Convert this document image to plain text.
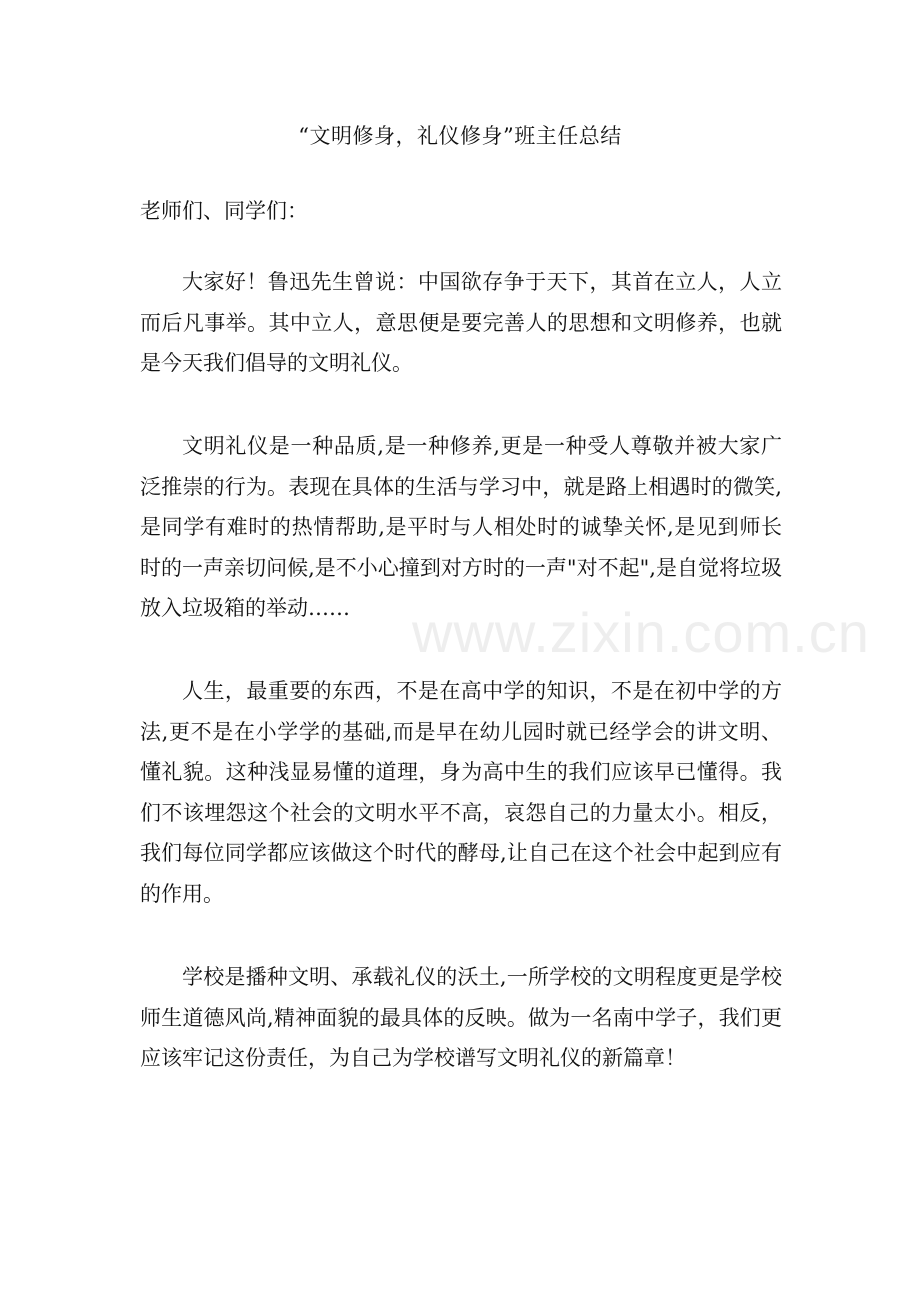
“文明修身，礼仪修身”班主任总结
老师们、同学们：

大家好！鲁迅先生曾说：中国欲存争于天下，其首在立人，人立而后凡事举。其中立人，意思便是要完善人的思想和文明修养，也就是今天我们倡导的文明礼仪。

文明礼仪是一种品质,是一种修养,更是一种受人尊敬并被大家广泛推崇的行为。表现在具体的生活与学习中，就是路上相遇时的微笑,是同学有难时的热情帮助,是平时与人相处时的诚挚关怀,是见到师长时的一声亲切问候,是不小心撞到对方时的一声"对不起",是自觉将垃圾放入垃圾箱的举动……

人生，最重要的东西，不是在高中学的知识，不是在初中学的方法,更不是在小学学的基础,而是早在幼儿园时就已经学会的讲文明、懂礼貌。这种浅显易懂的道理，身为高中生的我们应该早已懂得。我们不该埋怨这个社会的文明水平不高，哀怨自己的力量太小。相反，我们每位同学都应该做这个时代的酵母,让自己在这个社会中起到应有的作用。

学校是播种文明、承载礼仪的沃土,一所学校的文明程度更是学校师生道德风尚,精神面貌的最具体的反映。做为一名南中学子，我们更应该牢记这份责任，为自己为学校谱写文明礼仪的新篇章！

www.zixin.com.cn
